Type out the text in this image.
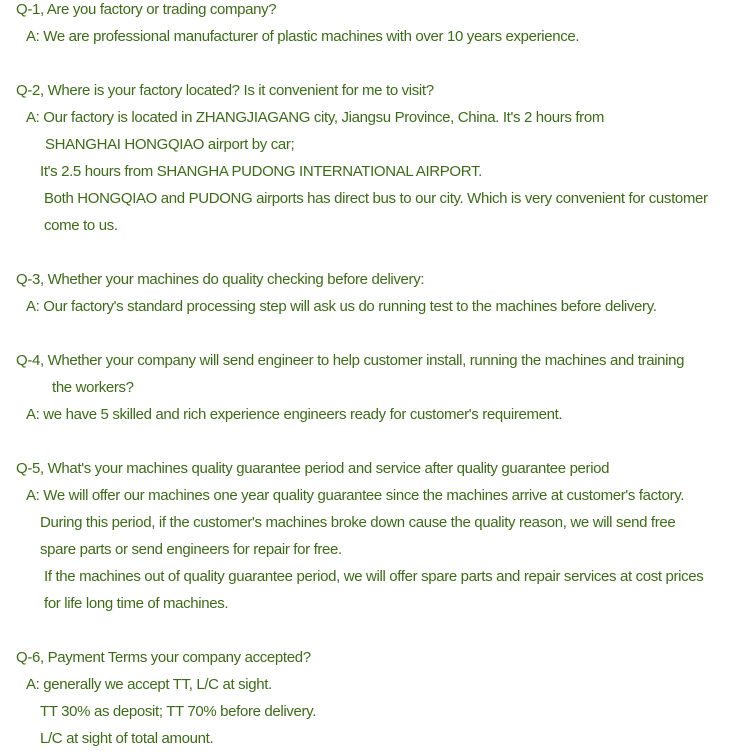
Q-1, Are you factory or trading company?
A: We are professional manufacturer of plastic machines with over 10 years experience.
Q-2, Where is your factory located? Is it convenient for me to visit?
A: Our factory is located in ZHANGJIAGANG city, Jiangsu Province, China. It's 2 hours from
SHANGHAI HONGQIAO airport by car;
It's 2.5 hours from SHANGHA PUDONG INTERNATIONAL AIRPORT.
Both HONGQIAO and PUDONG airports has direct bus to our city. Which is very convenient for customer
come to us.
Q-3, Whether your machines do quality checking before delivery:
A: Our factory's standard processing step will ask us do running test to the machines before delivery.
Q-4, Whether your company will send engineer to help customer install, running the machines and training
the workers?
A: we have 5 skilled and rich experience engineers ready for customer's requirement.
Q-5, What's your machines quality guarantee period and service after quality guarantee period
A: We will offer our machines one year quality guarantee since the machines arrive at customer's factory.
During this period, if the customer's machines broke down cause the quality reason, we will send free
spare parts or send engineers for repair for free.
If the machines out of quality guarantee period, we will offer spare parts and repair services at cost prices
for life long time of machines.
Q-6, Payment Terms your company accepted?
A: generally we accept TT, L/C at sight.
TT 30% as deposit; TT 70% before delivery.
L/C at sight of total amount.
